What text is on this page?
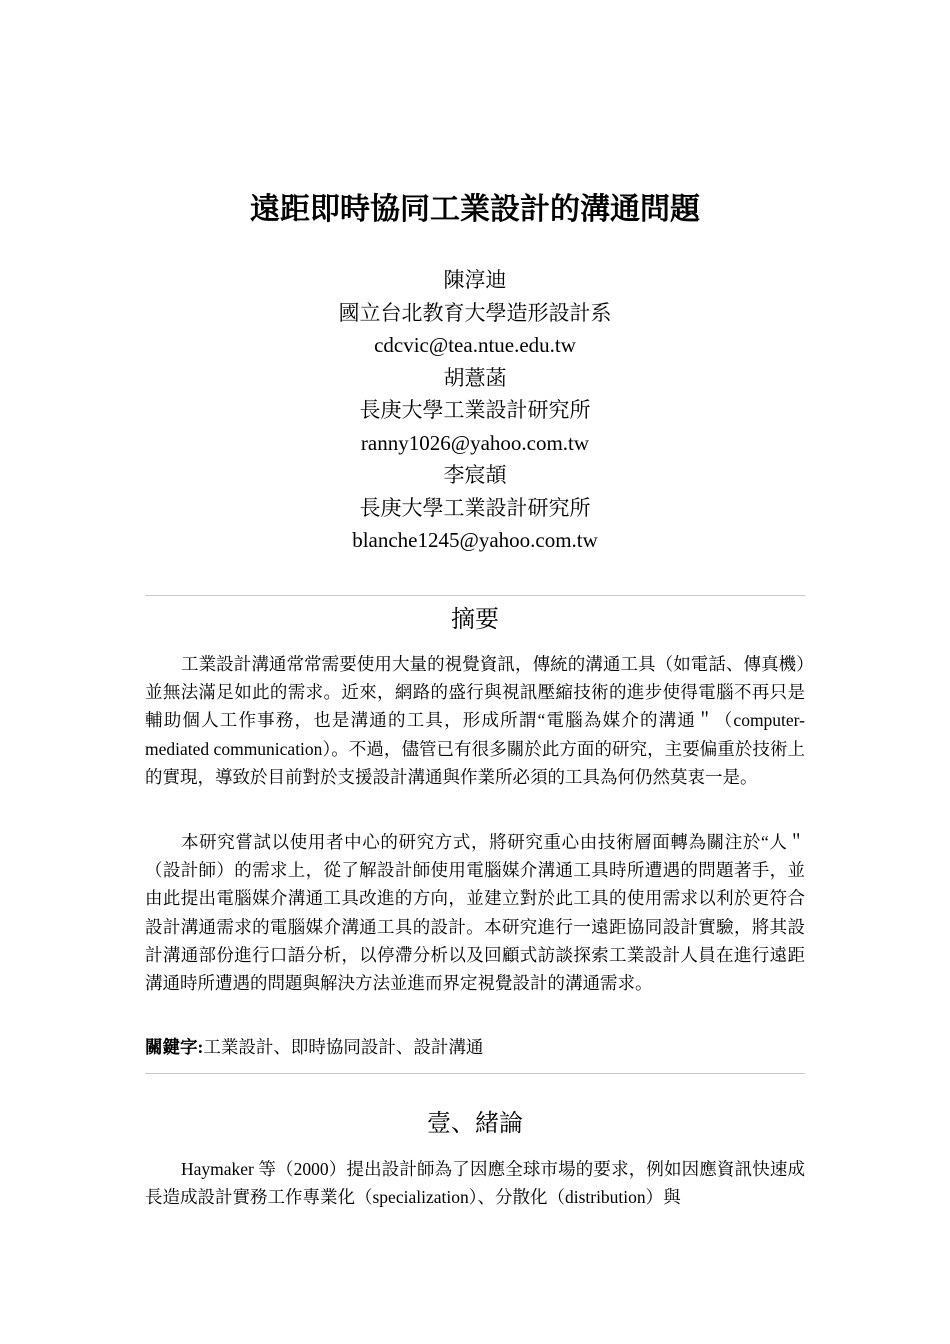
遠距即時協同工業設計的溝通問題
陳淳迪
國立台北教育大學造形設計系
cdcvic@tea.ntue.edu.tw
胡薏菡
長庚大學工業設計研究所
ranny1026@yahoo.com.tw
李宸頡
長庚大學工業設計研究所
blanche1245@yahoo.com.tw
摘要

工業設計溝通常常需要使用大量的視覺資訊，傳統的溝通工具（如電話、傳真機）並無法滿足如此的需求。近來，網路的盛行與視訊壓縮技術的進步使得電腦不再只是輔助個人工作事務，也是溝通的工具，形成所謂“電腦為媒介的溝通＂（computer-mediated communication）。不過，儘管已有很多關於此方面的研究，主要偏重於技術上的實現，導致於目前對於支援設計溝通與作業所必須的工具為何仍然莫衷一是。

本研究嘗試以使用者中心的研究方式，將研究重心由技術層面轉為關注於“人＂（設計師）的需求上，從了解設計師使用電腦媒介溝通工具時所遭遇的問題著手，並由此提出電腦媒介溝通工具改進的方向，並建立對於此工具的使用需求以利於更符合設計溝通需求的電腦媒介溝通工具的設計。本研究進行一遠距協同設計實驗，將其設計溝通部份進行口語分析，以停滯分析以及回顧式訪談探索工業設計人員在進行遠距溝通時所遭遇的問題與解決方法並進而界定視覺設計的溝通需求。

關鍵字:工業設計、即時協同設計、設計溝通

壹、緒論

Haymaker 等（2000）提出設計師為了因應全球市場的要求，例如因應資訊快速成長造成設計實務工作專業化（specialization）、分散化（distribution）與
